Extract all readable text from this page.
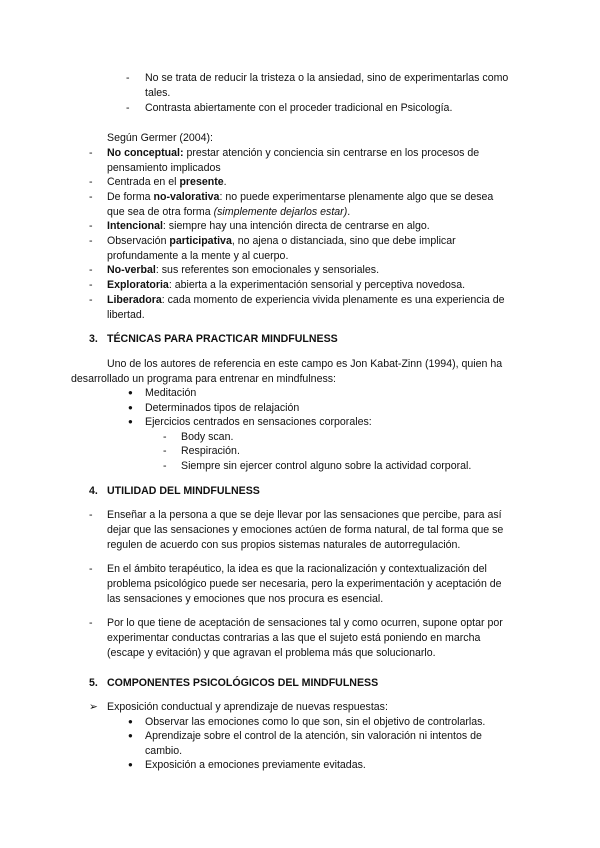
- No se trata de reducir la tristeza o la ansiedad, sino de experimentarlas como
tales.
- Contrasta abiertamente con el proceder tradicional en Psicología.
Según Germer (2004):
- No conceptual: prestar atención y conciencia sin centrarse en los procesos de
pensamiento implicados
- Centrada en el presente.
- De forma no-valorativa: no puede experimentarse plenamente algo que se desea
que sea de otra forma (simplemente dejarlos estar).
- Intencional: siempre hay una intención directa de centrarse en algo.
- Observación participativa, no ajena o distanciada, sino que debe implicar
profundamente a la mente y al cuerpo.
- No-verbal: sus referentes son emocionales y sensoriales.
- Exploratoria: abierta a la experimentación sensorial y perceptiva novedosa.
- Liberadora: cada momento de experiencia vivida plenamente es una experiencia de
libertad.
3. TÉCNICAS PARA PRACTICAR MINDFULNESS
Uno de los autores de referencia en este campo es Jon Kabat-Zinn (1994), quien ha
desarrollado un programa para entrenar en mindfulness:
● Meditación
● Determinados tipos de relajación
● Ejercicios centrados en sensaciones corporales:
- Body scan.
- Respiración.
- Siempre sin ejercer control alguno sobre la actividad corporal.
4. UTILIDAD DEL MINDFULNESS
- Enseñar a la persona a que se deje llevar por las sensaciones que percibe, para así
dejar que las sensaciones y emociones actúen de forma natural, de tal forma que se
regulen de acuerdo con sus propios sistemas naturales de autorregulación.
- En el ámbito terapéutico, la idea es que la racionalización y contextualización del
problema psicológico puede ser necesaria, pero la experimentación y aceptación de
las sensaciones y emociones que nos procura es esencial.
- Por lo que tiene de aceptación de sensaciones tal y como ocurren, supone optar por
experimentar conductas contrarias a las que el sujeto está poniendo en marcha
(escape y evitación) y que agravan el problema más que solucionarlo.
5. COMPONENTES PSICOLÓGICOS DEL MINDFULNESS
➢ Exposición conductual y aprendizaje de nuevas respuestas:
● Observar las emociones como lo que son, sin el objetivo de controlarlas.
● Aprendizaje sobre el control de la atención, sin valoración ni intentos de
cambio.
● Exposición a emociones previamente evitadas.
